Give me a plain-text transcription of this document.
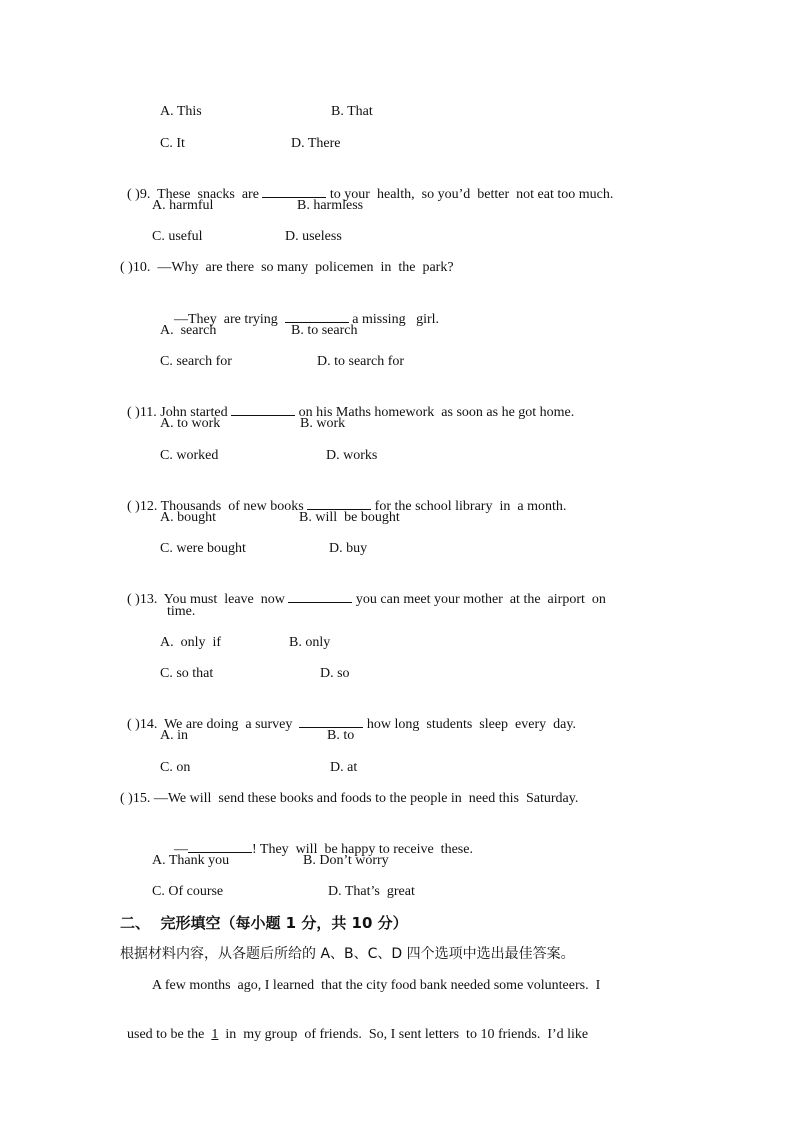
A. This	B. That
C. It	D. There

( )9.  These  snacks  are	to your  health,  so you’d  better  not eat too much.

A. harmful	B. harmless
C. useful	D. useless
( )10.  —Why  are there  so many  policemen  in  the  park?

—They  are trying	a missing   girl.

A.  search	B. to search
C. search for	D. to search for

( )11. John started	on his Maths homework  as soon as he got home.

A. to work	B. work
C. worked	D. works

( )12. Thousands  of new books	for the school library  in  a month.

A. bought	B. will  be bought
C. were bought	D. buy

( )13.  You must  leave  now	you can meet your mother  at the  airport  on

time.
A.  only  if	B. only
C. so that	D. so

( )14.  We are doing  a survey	how long  students  sleep  every  day.

A. in	B. to
C. on	D. at
( )15. —We will  send these books and foods to the people in  need this  Saturday.

—	! They  will  be happy to receive  these.

A. Thank you	B. Don’t worry
C. Of course	D. That’s  great
二、  完形填空（每小题 1 分，共 10 分）
根据材料内容，从各题后所给的 A、B、C、D 四个选项中选出最佳答案。
A few months  ago, I learned  that the city food bank needed some volunteers.  I

used to be the  1  in  my group  of friends.  So, I sent letters  to 10 friends.  I’d like
